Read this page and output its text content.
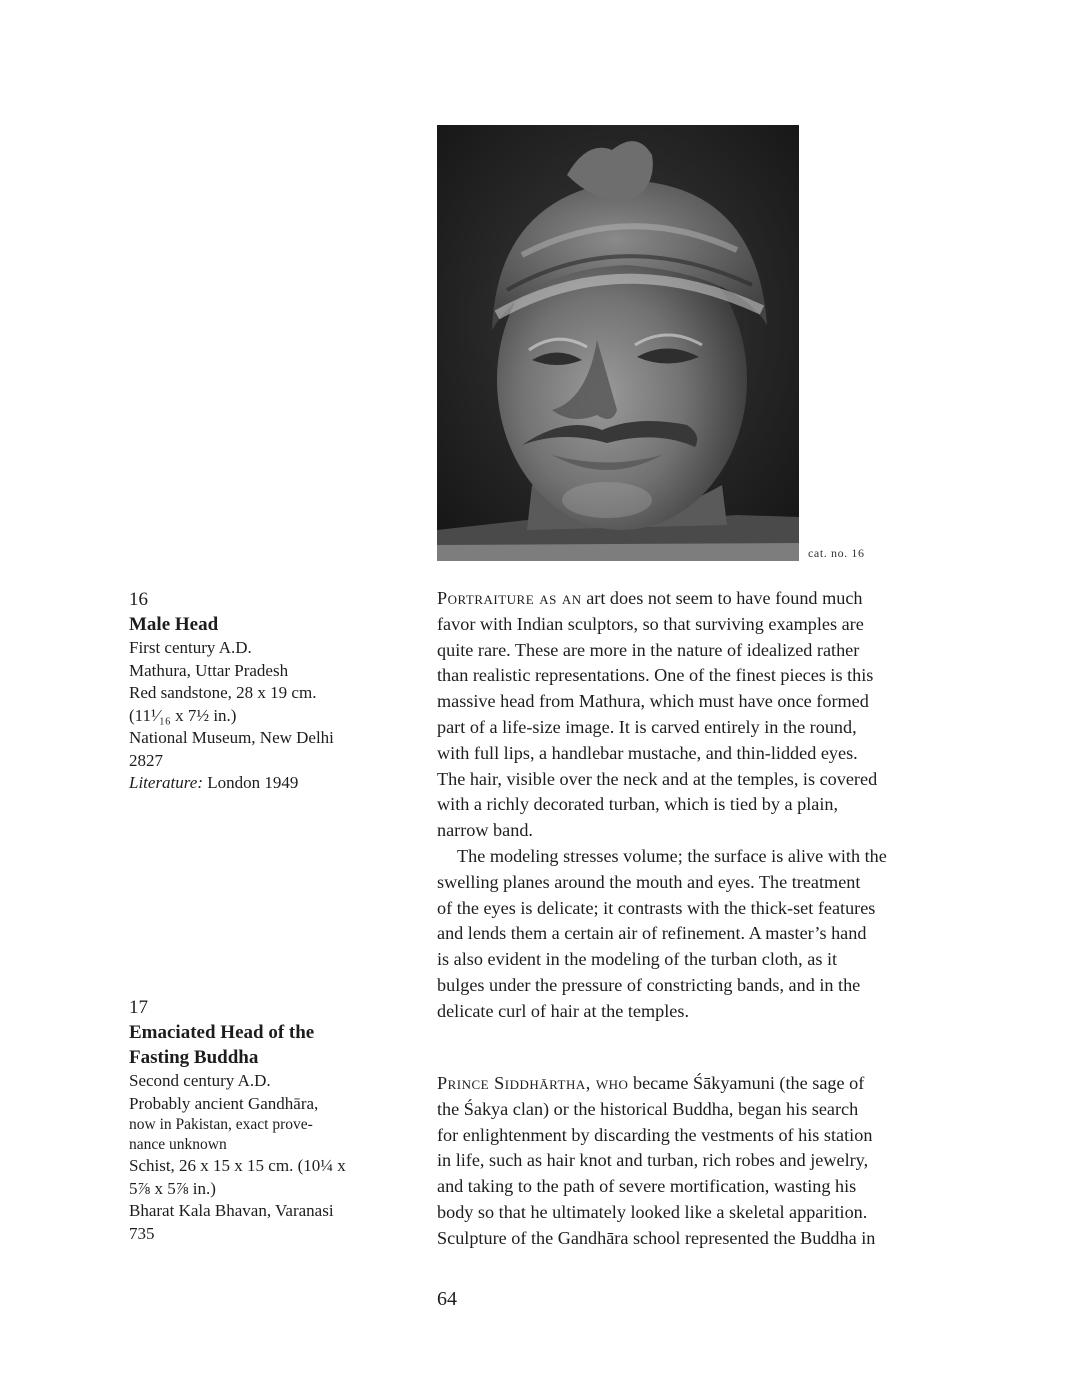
cat. no. 16
16
Male Head
First century A.D.
Mathura, Uttar Pradesh
Red sandstone, 28 x 19 cm.
(11¹⁄₁₆ x 7½ in.)
National Museum, New Delhi
2827
Literature: London 1949
17
Emaciated Head of the
Fasting Buddha
Second century A.D.
Probably ancient Gandhāra,
now in Pakistan, exact prove-
nance unknown
Schist, 26 x 15 x 15 cm. (10¼ x
5⅞ x 5⅞ in.)
Bharat Kala Bhavan, Varanasi
735

Portraiture as an art does not seem to have found much
favor with Indian sculptors, so that surviving examples are
quite rare. These are more in the nature of idealized rather
than realistic representations. One of the finest pieces is this
massive head from Mathura, which must have once formed
part of a life-size image. It is carved entirely in the round,
with full lips, a handlebar mustache, and thin-lidded eyes.
The hair, visible over the neck and at the temples, is covered
with a richly decorated turban, which is tied by a plain,
narrow band.

The modeling stresses volume; the surface is alive with the
swelling planes around the mouth and eyes. The treatment
of the eyes is delicate; it contrasts with the thick-set features
and lends them a certain air of refinement. A master’s hand
is also evident in the modeling of the turban cloth, as it
bulges under the pressure of constricting bands, and in the
delicate curl of hair at the temples.

Prince Siddhārtha, who became Śākyamuni (the sage of
the Śakya clan) or the historical Buddha, began his search
for enlightenment by discarding the vestments of his station
in life, such as hair knot and turban, rich robes and jewelry,
and taking to the path of severe mortification, wasting his
body so that he ultimately looked like a skeletal apparition.
Sculpture of the Gandhāra school represented the Buddha in

64
